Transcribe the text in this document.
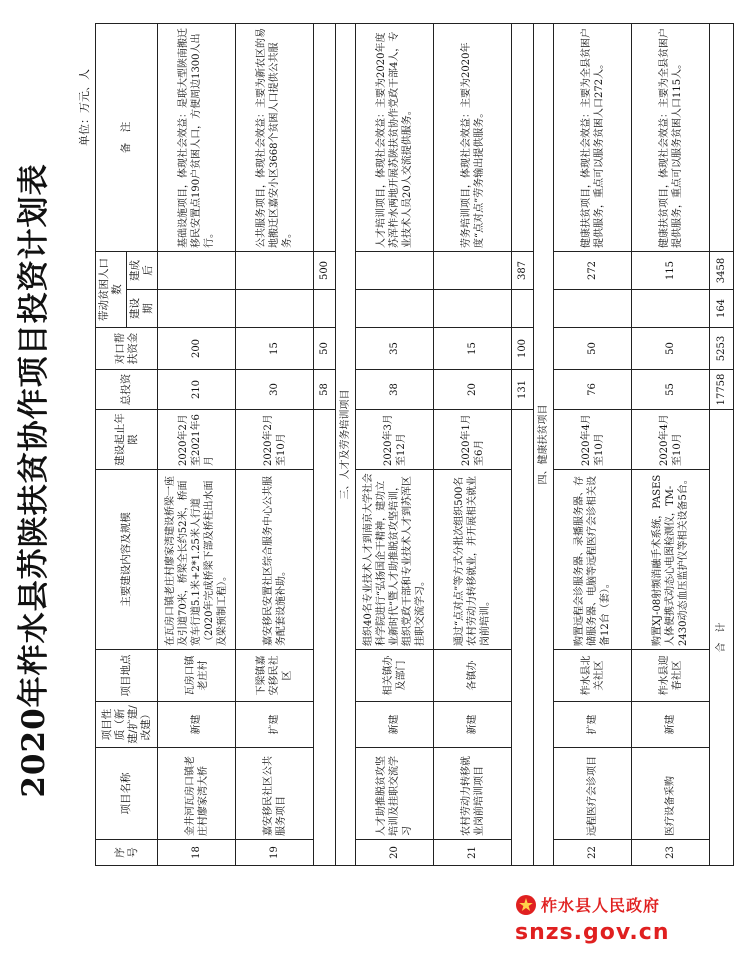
2020年柞水县苏陕扶贫协作项目投资计划表
单位：万元、人
序号	项目名称	项目性质（新建/扩建/改建）	项目地点	主要建设内容及规模	建设起止年限	总投资	对口帮扶资金	带动贫困人口数		备　注
								建设期	建成后	
18	金井河瓦房口镇老庄村廖家湾大桥	新建	瓦房口镇老庄村	在瓦房口镇老庄村廖家湾建设桥梁一座及引道70米，桥梁全长约52米，桥面宽车行道5.1米+2*1.25米人行道（2020年完成桥梁下部及桥柱出水面及梁预制工程）。	2020年2月至2021年6月	210	200			基础设施项目，体现社会效益：是联大型陕南搬迁移民安置点190户贫困人口，方便周边1300人出行。
19	嘉安移民社区公共服务项目	扩建	下梁镇嘉安移民社区	嘉安移民安置社区综合服务中心公共服务配套设施补助。	2020年2月至10月	30	15			公共服务项目，体现社会效益：主要为新农区的易地搬迁区嘉安小区3668个贫困人口提供公共服务。
						58	50		500	
三、人才及劳务培训项目										
20	人才助推脱贫攻坚培训及挂职交流学习	新建	相关镇办及部门	组织40名专业技术人才到南京大学社会科学院进行“弘扬国企干精神，建功立业新时代”暨人才助推脱贫攻坚培训，组织党政干部和专业技术人才到苏浑区挂职交流学习。	2020年3月至12月	38	35			人才培训项目，体现社会效益：主要为2020年度苏浑柞水两地开展苏陕扶贫协作党政干部4人，专业技术人员20人交流提供服务。
21	农村劳动力转移就业岗前培训项目	新建	各镇办	通过“点对点”等方式分批次组织500名农村劳动力转移就业，并开展相关就业岗前培训。	2020年1月至6月	20	15			劳务培训项目，体现社会效益：主要为2020年度“点对点”劳务输出提供服务。
						131	100		387	
四、健康扶贫项目										
22	远程医疗会诊项目	扩建	柞水县北关社区	购置远程会诊服务器、录播服务器、存储服务器、电脑等远程医疗会诊相关设备12台（套）。	2020年4月至10月	76	50		272	健康扶贫项目，体现社会效益：主要为全县贫困户提供服务，重点可以服务贫困人口272人。
23	医疗设备采购	新建	柞水县迎春社区	购置XJ-08射频消融手术系统，PASES人体便携式动态心电图检测仪，TM-2430动态血压监护仪等相关设备5台。	2020年4月至10月	55	50		115	健康扶贫项目，体现社会效益：主要为全县贫困户提供服务，重点可以服务贫困人口115人。
合　计						17758	5253	164	3458	
柞水县人民政府
snzs.gov.cn
